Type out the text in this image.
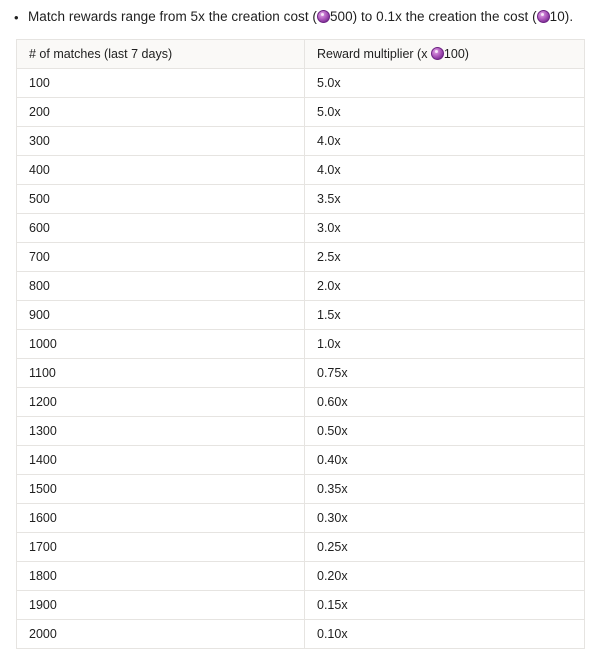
• Match rewards range from 5x the creation cost ( 500) to 0.1x the creation the cost ( 10).
# of matches (last 7 days)	Reward multiplier (x 100)
100	5.0x
200	5.0x
300	4.0x
400	4.0x
500	3.5x
600	3.0x
700	2.5x
800	2.0x
900	1.5x
1000	1.0x
1100	0.75x
1200	0.60x
1300	0.50x
1400	0.40x
1500	0.35x
1600	0.30x
1700	0.25x
1800	0.20x
1900	0.15x
2000	0.10x
